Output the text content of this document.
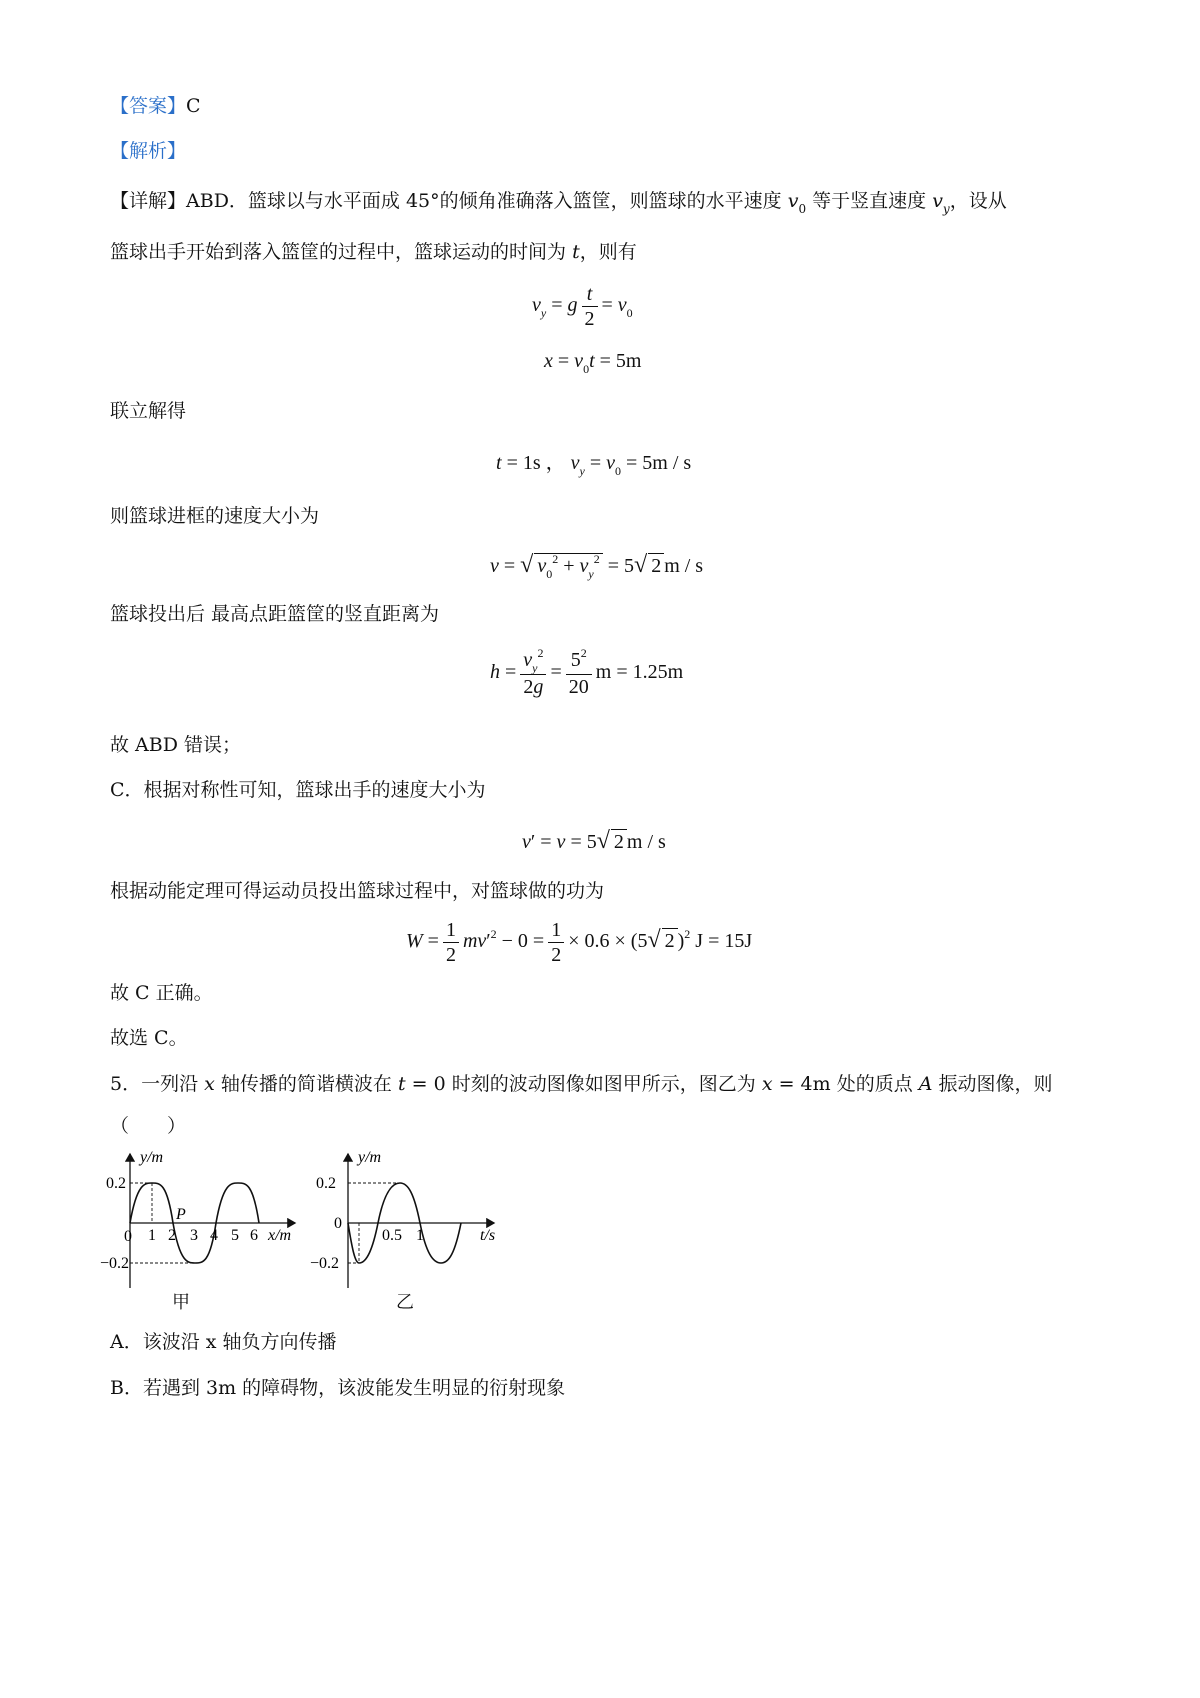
【答案】C
【解析】
【详解】ABD．篮球以与水平面成 45°的倾角准确落入篮筐，则篮球的水平速度 $v_0$ 等于竖直速度 $v_y$，设从
篮球出手开始到落入篮筐的过程中，篮球运动的时间为 t，则有
$v_y = g \frac{t}{2} = v_0$
$x = v_0t = 5m$
联立解得
t = 1s ， $v_y = v_0 = 5m / s$
则篮球进框的速度大小为
v = √ $v_0^2 + v_y^2 = 5√$ 2 m / s
篮球投出后 最高点距篮筐的竖直距离为
$h = \frac{v_y^2}{2g} = \frac{5^2}{20}$ m = 1.25m
故 ABD 错误；
C．根据对称性可知，篮球出手的速度大小为
v′ = v = 5√ 2 m / s
根据动能定理可得运动员投出篮球过程中，对篮球做的功为
$W = \frac{1}{2} mv'^2 - 0 = \frac{1}{2} \times 0.6 \times (5√$ 2 )$^2$ J = 15J
故 C 正确。
故选 C。
5．一列沿 x 轴传播的简谐横波在 t = 0 时刻的波动图像如图甲所示，图乙为 x = 4m 处的质点 A 振动图像，则
（　　）
y/m
0.2
0
−0.2
1 2 3 4 5 6
P
x/m
甲
y/m
0.2
0
−0.2
0.5 1	t/s
乙
A．该波沿 x 轴负方向传播
B．若遇到 3m 的障碍物，该波能发生明显的衍射现象
